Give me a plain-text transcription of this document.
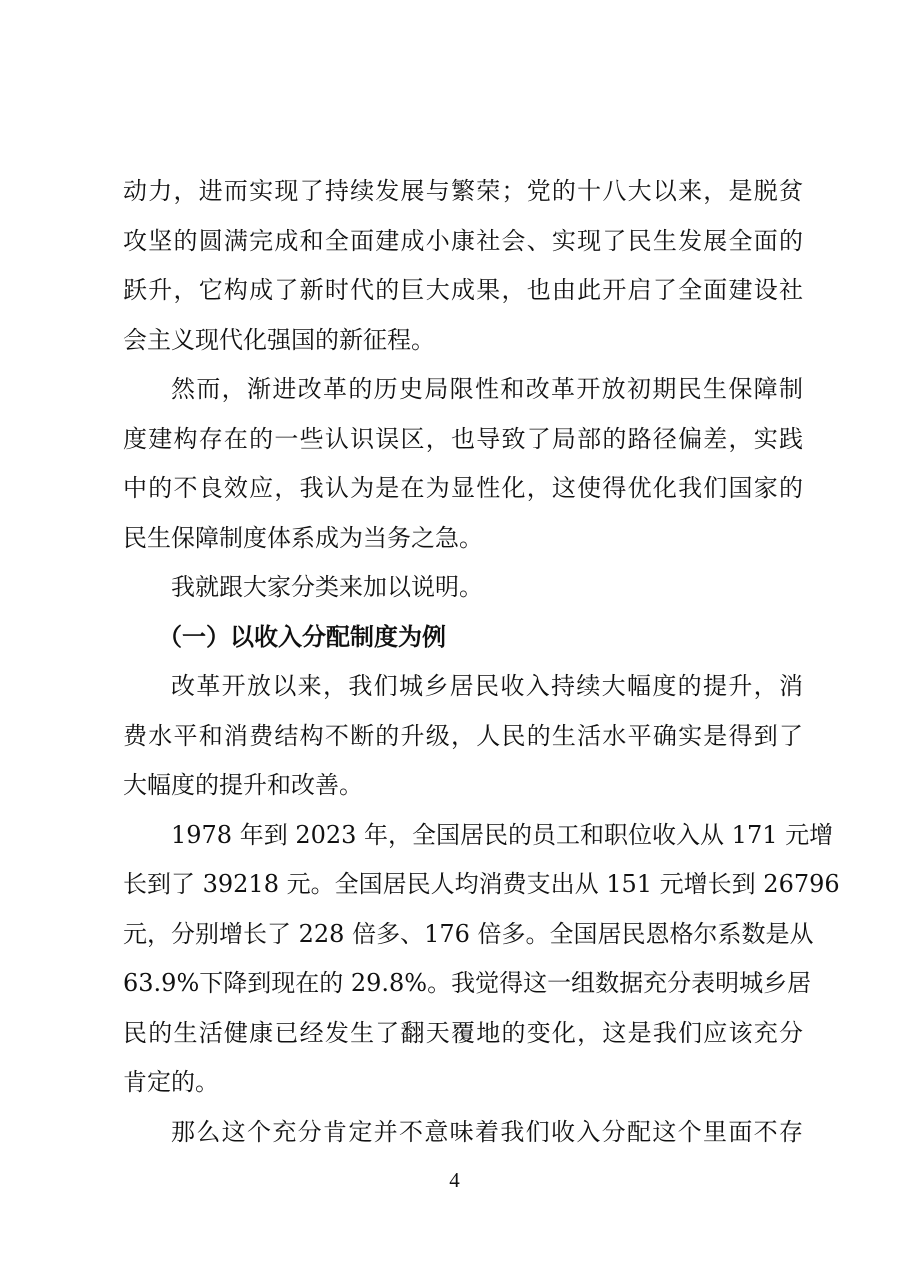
动力，进而实现了持续发展与繁荣；党的十八大以来，是脱贫
攻坚的圆满完成和全面建成小康社会、实现了民生发展全面的
跃升，它构成了新时代的巨大成果，也由此开启了全面建设社
会主义现代化强国的新征程。
然而，渐进改革的历史局限性和改革开放初期民生保障制
度建构存在的一些认识误区，也导致了局部的路径偏差，实践
中的不良效应，我认为是在为显性化，这使得优化我们国家的
民生保障制度体系成为当务之急。
我就跟大家分类来加以说明。
（一）以收入分配制度为例
改革开放以来，我们城乡居民收入持续大幅度的提升，消
费水平和消费结构不断的升级，人民的生活水平确实是得到了
大幅度的提升和改善。
1978 年到 2023 年，全国居民的员工和职位收入从 171 元增
长到了 39218 元。全国居民人均消费支出从 151 元增长到 26796
元，分别增长了 228 倍多、176 倍多。全国居民恩格尔系数是从
63.9%下降到现在的 29.8%。我觉得这一组数据充分表明城乡居
民的生活健康已经发生了翻天覆地的变化，这是我们应该充分
肯定的。
那么这个充分肯定并不意味着我们收入分配这个里面不存
4
